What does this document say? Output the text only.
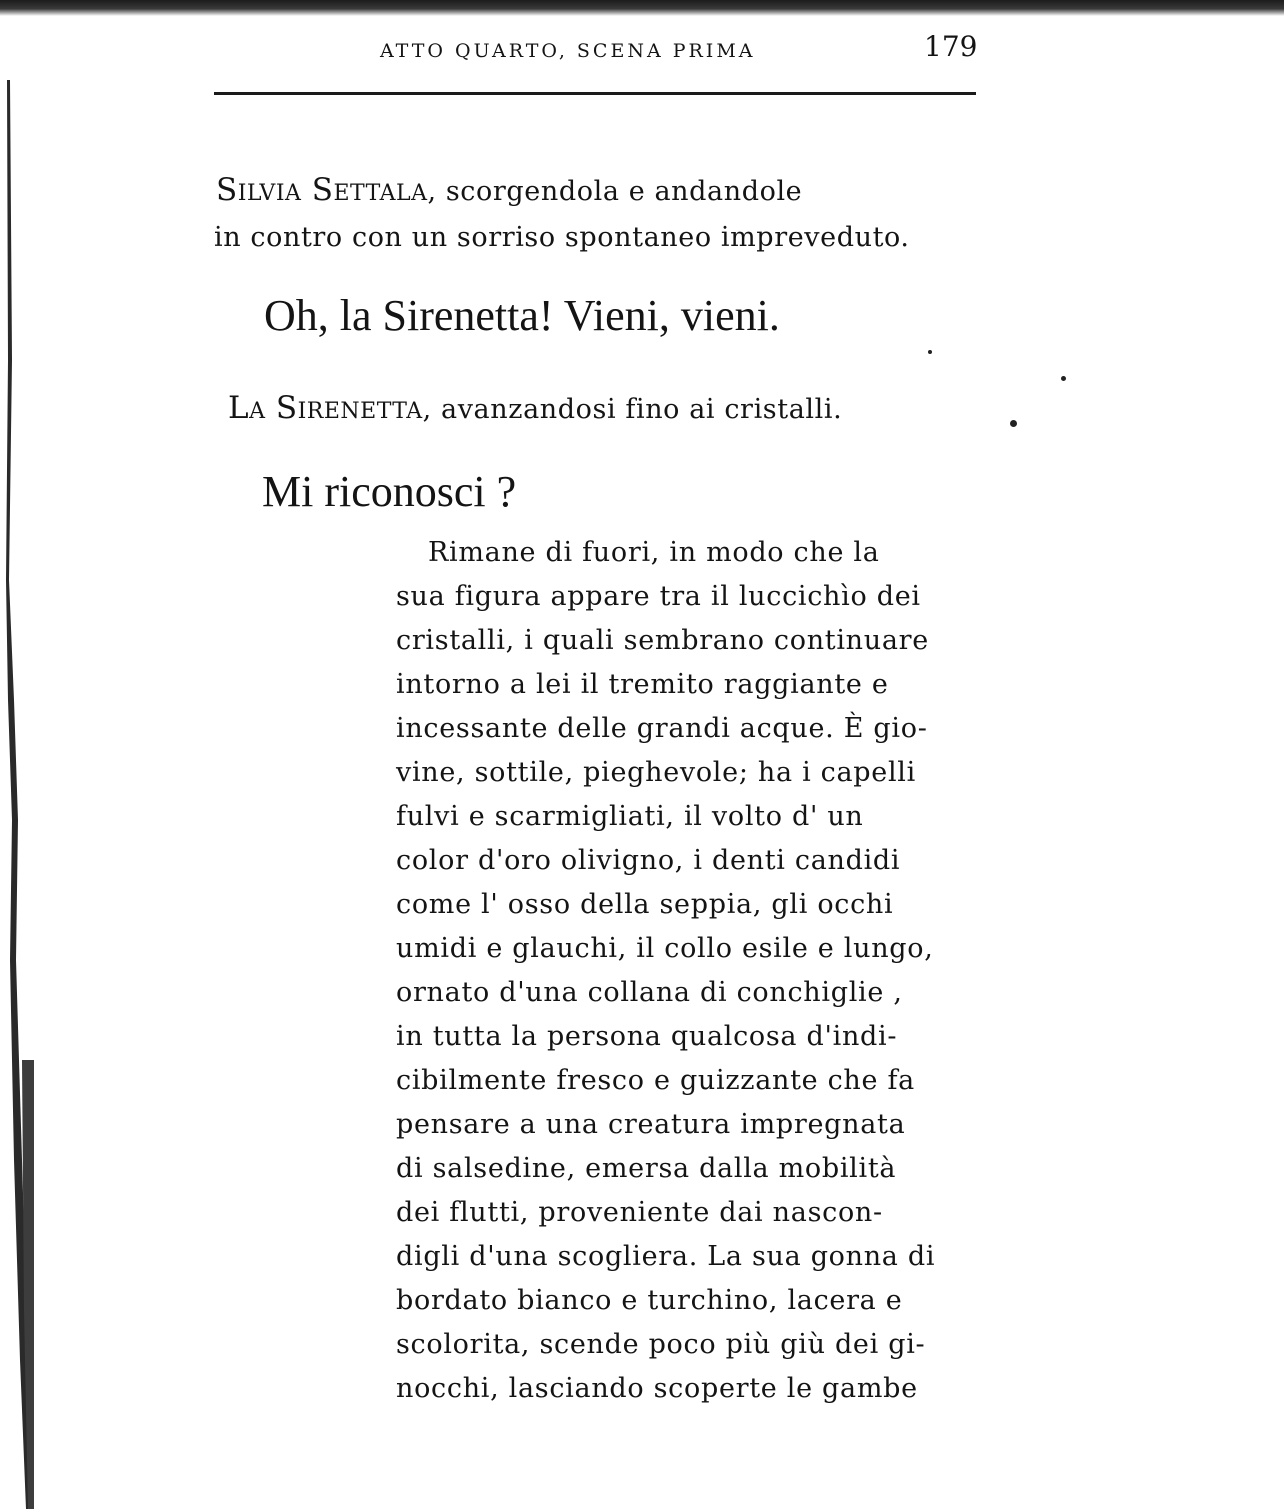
ATTO QUARTO, SCENA PRIMA	179
Silvia Settala, scorgendola e andandole
in contro con un sorriso spontaneo impreveduto.
Oh, la Sirenetta! Vieni, vieni.
La Sirenetta, avanzandosi fino ai cristalli.
Mi riconosci ?
Rimane di fuori, in modo che la
sua figura appare tra il luccichìo dei
cristalli, i quali sembrano continuare
intorno a lei il tremito raggiante e
incessante delle grandi acque. È gio-
vine, sottile, pieghevole; ha i capelli
fulvi e scarmigliati, il volto d' un
color d'oro olivigno, i denti candidi
come l' osso della seppia, gli occhi
umidi e glauchi, il collo esile e lungo,
ornato d'una collana di conchiglie ,
in tutta la persona qualcosa d'indi-
cibilmente fresco e guizzante che fa
pensare a una creatura impregnata
di salsedine, emersa dalla mobilità
dei flutti, proveniente dai nascon-
digli d'una scogliera. La sua gonna di
bordato bianco e turchino, lacera e
scolorita, scende poco più giù dei gi-
nocchi, lasciando scoperte le gambe
